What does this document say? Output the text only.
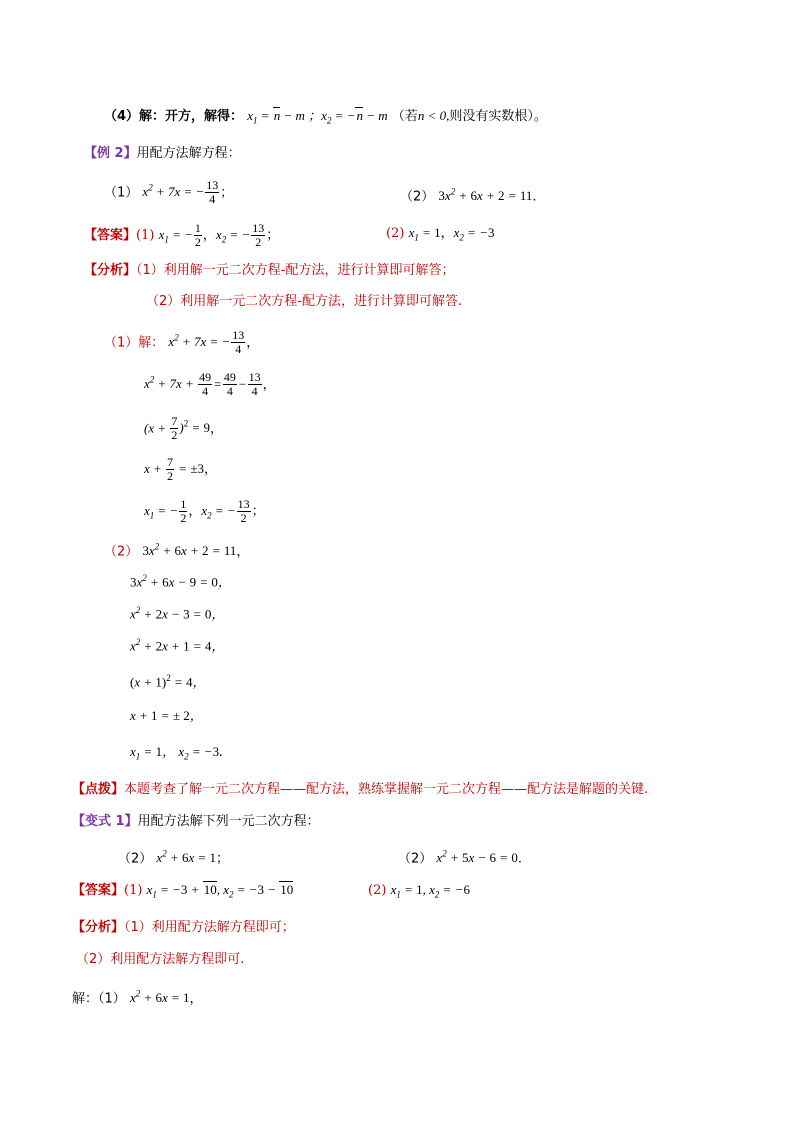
（4）解：开方，解得： $x_1 = n - m$ ；$x_2 = -n - m$ （若n < 0,则没有实数根）。
【例 2】用配方法解方程：
（1） $x^2 + 7x$ = − $\frac{13}{4}$ ；	（2） $3x^2 + 6x + 2 = 11$.
【答案】(1) $x_1$ = − $\frac{1}{2}$ ，$x_2$ = − $\frac{13}{2}$ ；	(2) $x_1 = 1$，$x_2 = -3$
【分析】（1）利用解一元二次方程-配方法，进行计算即可解答；
（2）利用解一元二次方程-配方法，进行计算即可解答.
（1）解： $x^2 + 7x$ = − $\frac{13}{4}$ ，
$x^2 + 7x + \frac{49}{4} = \frac{49}{4} - \frac{13}{4}$ ，
$(x + \frac{7}{2} )^2 = 9$，
$x + \frac{7}{2} = \pm 3$，
$x_1$ = − $\frac{1}{2}$ ，$x_2$ = − $\frac{13}{2}$ ；
（2） $3x^2 + 6x + 2 = 11$，
$3x^2 + 6x - 9 = 0$，
$x^2 + 2x - 3 = 0$，
$x^2 + 2x + 1 = 4$，
$(x + 1)^2 = 4$，
x + 1 = ± 2，
$x_1 = 1$， $x_2 = -3$.
【点拨】本题考查了解一元二次方程——配方法，熟练掌握解一元二次方程——配方法是解题的关键.
【变式 1】用配方法解下列一元二次方程：
（2） $x^2 + 6x = 1$；	（2） $x^2 + 5x - 6 = 0$.
【答案】(1) $x_1 = -3 + 10$, $x_2 = -3 - 10$	(2) $x_1 = 1$, $x_2 = -6$
【分析】（1）利用配方法解方程即可；
（2）利用配方法解方程即可.
解：（1） $x^2 + 6x = 1$，
